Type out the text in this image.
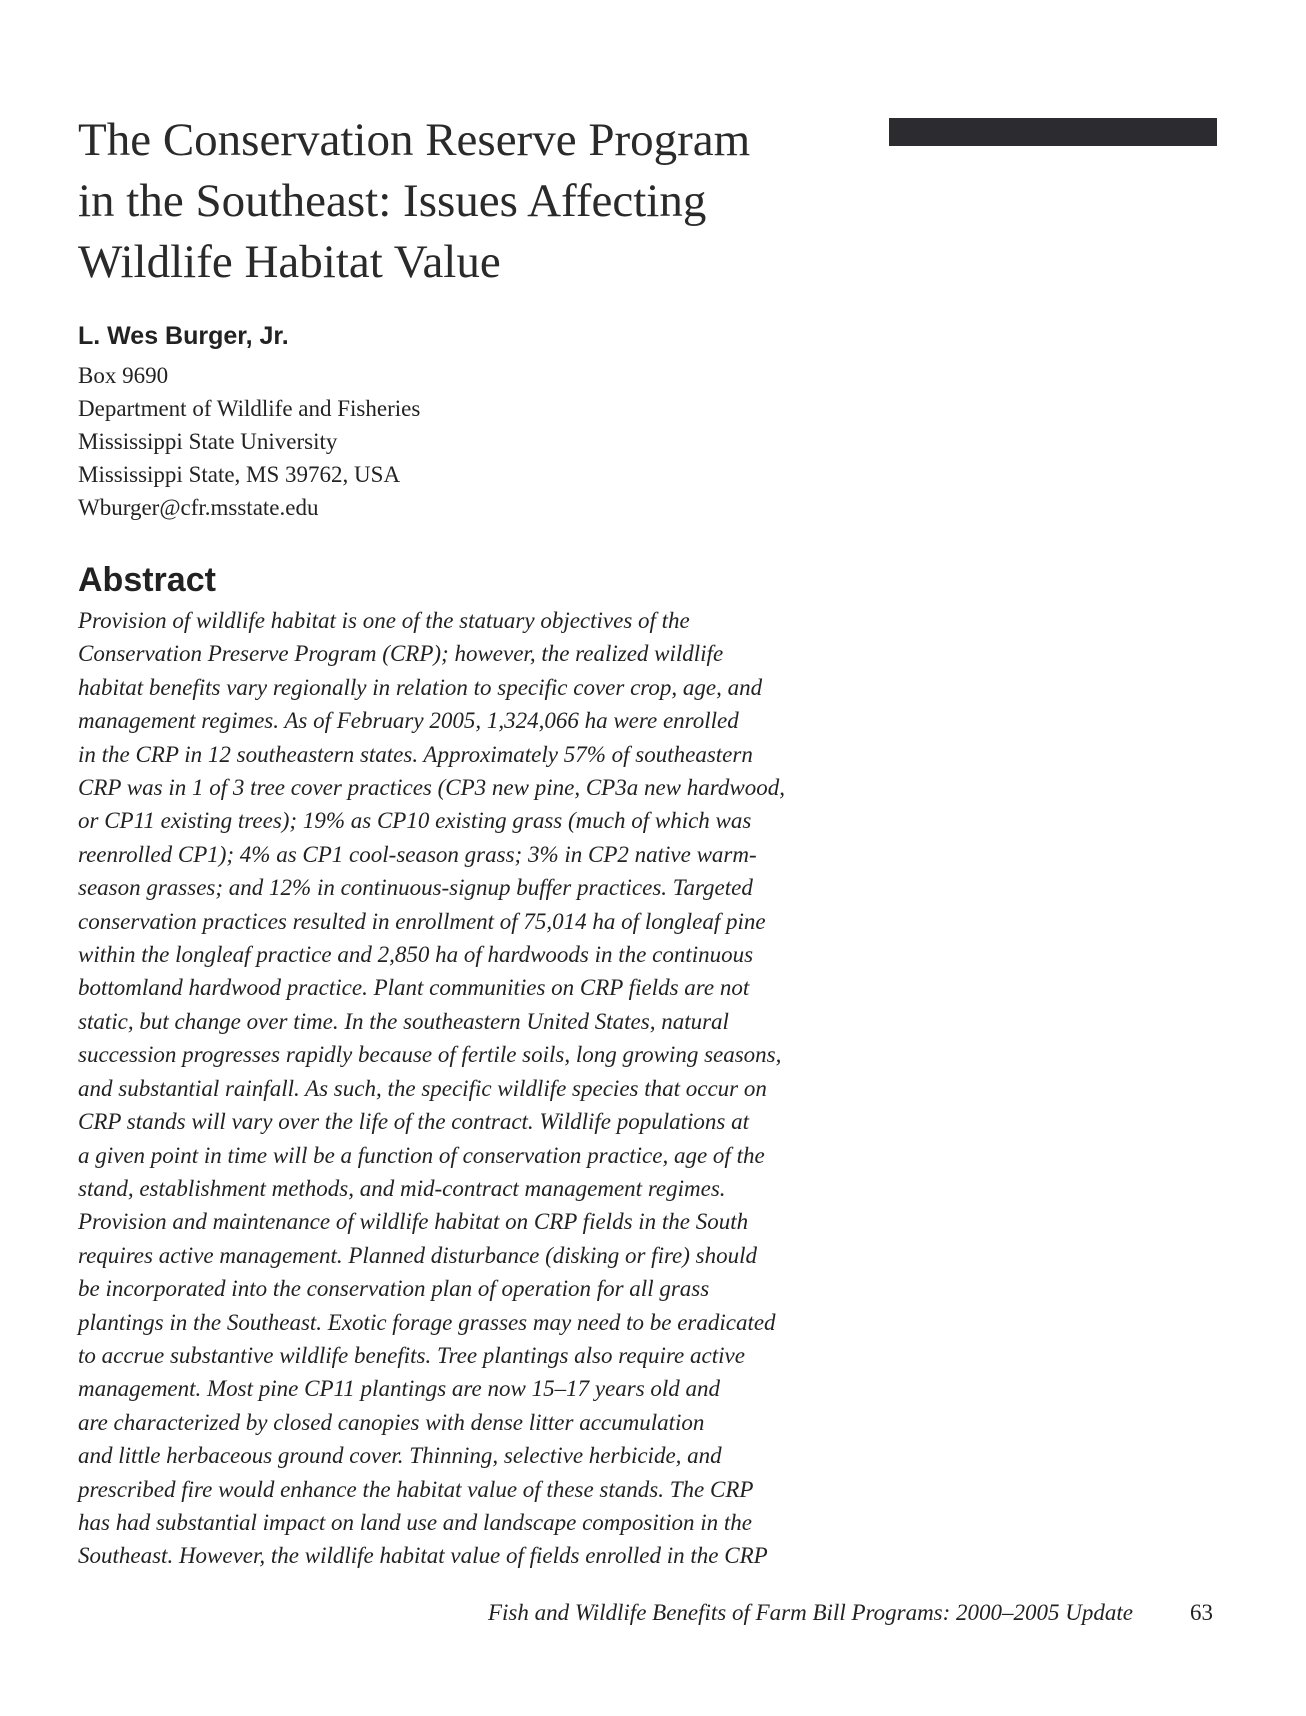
The Conservation Reserve Program
in the Southeast: Issues Affecting
Wildlife Habitat Value
L. Wes Burger, Jr.
Box 9690
Department of Wildlife and Fisheries
Mississippi State University
Mississippi State, MS 39762, USA
Wburger@cfr.msstate.edu
Abstract
Provision of wildlife habitat is one of the statuary objectives of the
Conservation Preserve Program (CRP); however, the realized wildlife
habitat benefits vary regionally in relation to specific cover crop, age, and
management regimes. As of February 2005, 1,324,066 ha were enrolled
in the CRP in 12 southeastern states. Approximately 57% of southeastern
CRP was in 1 of 3 tree cover practices (CP3 new pine, CP3a new hardwood,
or CP11 existing trees); 19% as CP10 existing grass (much of which was
reenrolled CP1); 4% as CP1 cool-season grass; 3% in CP2 native warm-
season grasses; and 12% in continuous-signup buffer practices. Targeted
conservation practices resulted in enrollment of 75,014 ha of longleaf pine
within the longleaf practice and 2,850 ha of hardwoods in the continuous
bottomland hardwood practice. Plant communities on CRP fields are not
static, but change over time. In the southeastern United States, natural
succession progresses rapidly because of fertile soils, long growing seasons,
and substantial rainfall. As such, the specific wildlife species that occur on
CRP stands will vary over the life of the contract. Wildlife populations at
a given point in time will be a function of conservation practice, age of the
stand, establishment methods, and mid-contract management regimes.
Provision and maintenance of wildlife habitat on CRP fields in the South
requires active management. Planned disturbance (disking or fire) should
be incorporated into the conservation plan of operation for all grass
plantings in the Southeast. Exotic forage grasses may need to be eradicated
to accrue substantive wildlife benefits. Tree plantings also require active
management. Most pine CP11 plantings are now 15–17 years old and
are characterized by closed canopies with dense litter accumulation
and little herbaceous ground cover. Thinning, selective herbicide, and
prescribed fire would enhance the habitat value of these stands. The CRP
has had substantial impact on land use and landscape composition in the
Southeast. However, the wildlife habitat value of fields enrolled in the CRP
Fish and Wildlife Benefits of Farm Bill Programs: 2000–2005 Update 63
